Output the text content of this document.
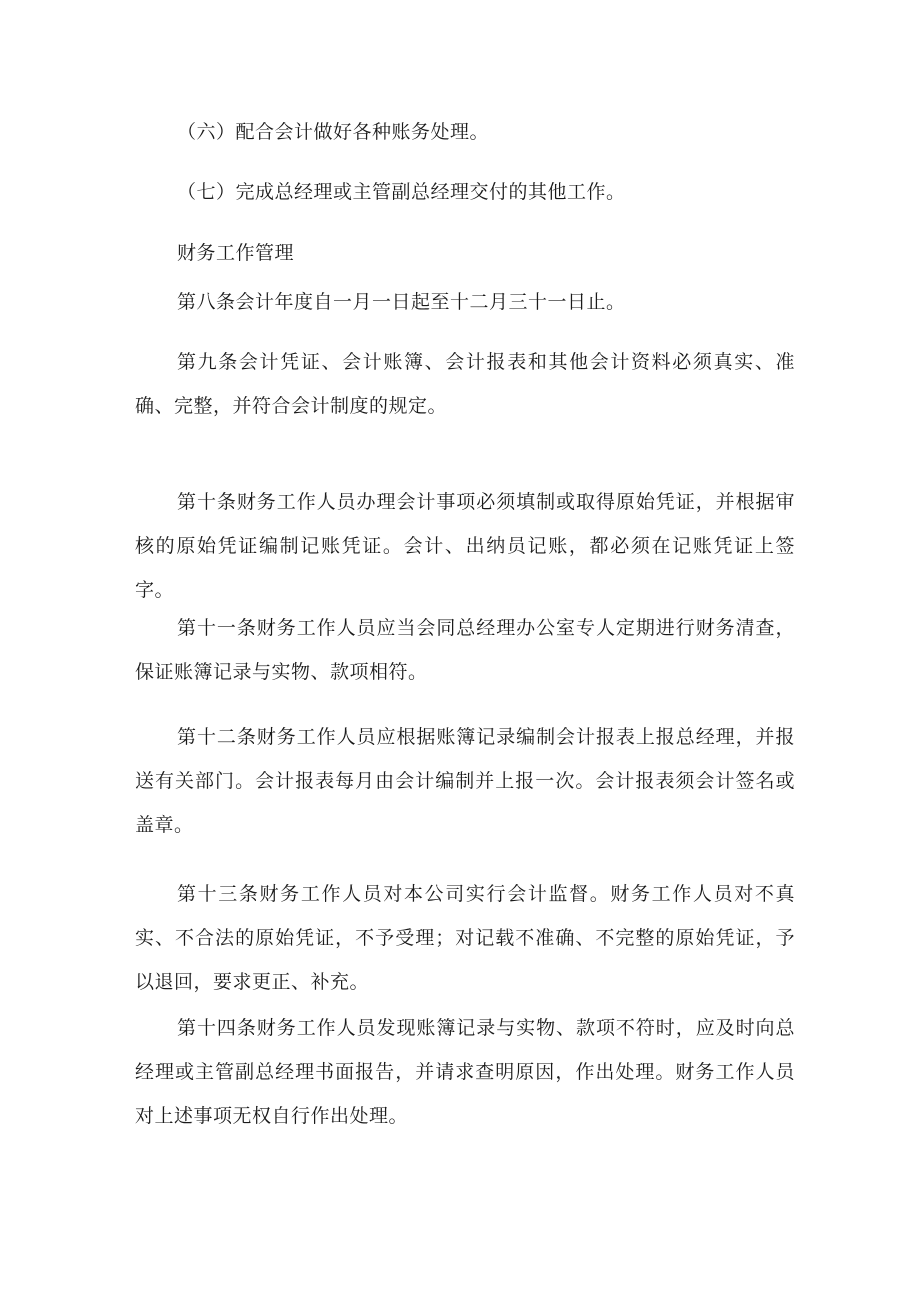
（六）配合会计做好各种账务处理。

（七）完成总经理或主管副总经理交付的其他工作。

财务工作管理

第八条会计年度自一月一日起至十二月三十一日止。

第九条会计凭证、会计账簿、会计报表和其他会计资料必须真实、准确、完整，并符合会计制度的规定。

第十条财务工作人员办理会计事项必须填制或取得原始凭证，并根据审核的原始凭证编制记账凭证。会计、出纳员记账，都必须在记账凭证上签字。

第十一条财务工作人员应当会同总经理办公室专人定期进行财务清查，保证账簿记录与实物、款项相符。

第十二条财务工作人员应根据账簿记录编制会计报表上报总经理，并报送有关部门。会计报表每月由会计编制并上报一次。会计报表须会计签名或盖章。

第十三条财务工作人员对本公司实行会计监督。财务工作人员对不真实、不合法的原始凭证，不予受理；对记载不准确、不完整的原始凭证，予以退回，要求更正、补充。

第十四条财务工作人员发现账簿记录与实物、款项不符时，应及时向总经理或主管副总经理书面报告，并请求查明原因，作出处理。财务工作人员对上述事项无权自行作出处理。
